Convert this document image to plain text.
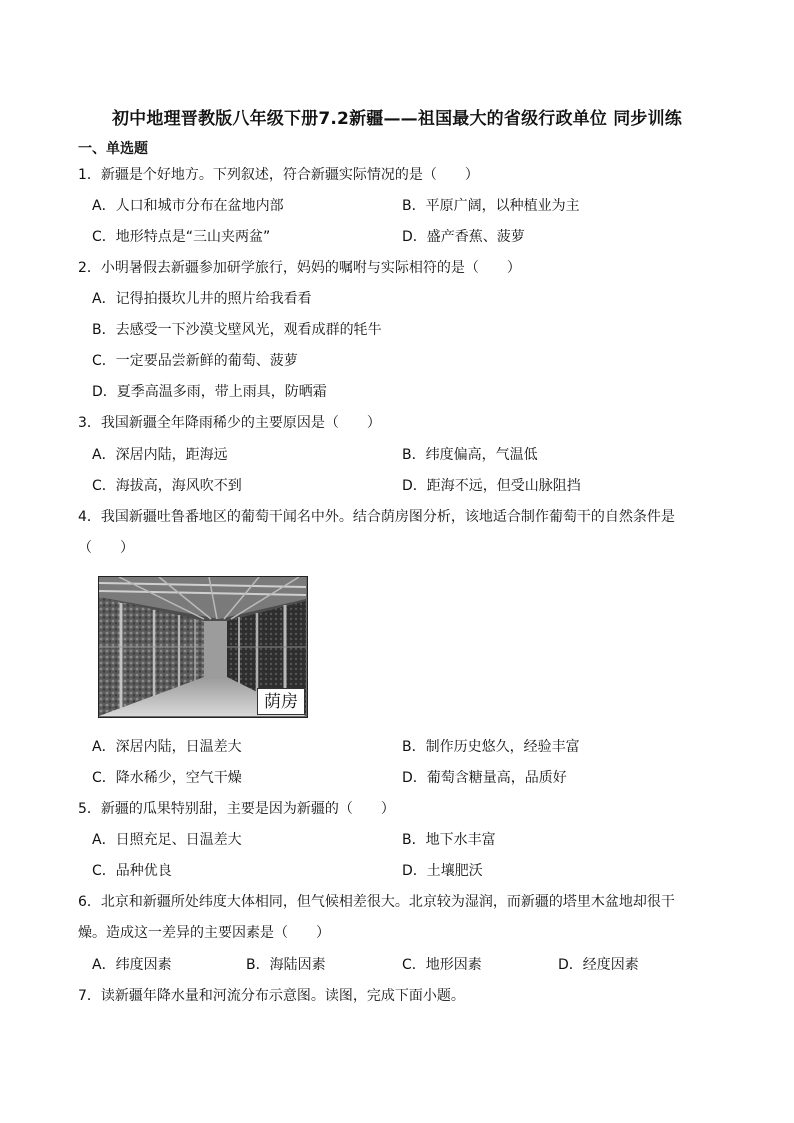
初中地理晋教版八年级下册7.2新疆——祖国最大的省级行政单位 同步训练
一、单选题
1．新疆是个好地方。下列叙述，符合新疆实际情况的是（　　）
A．人口和城市分布在盆地内部	B．平原广阔，以种植业为主
C．地形特点是“三山夹两盆”	D．盛产香蕉、菠萝
2．小明暑假去新疆参加研学旅行，妈妈的嘱咐与实际相符的是（　　）
A．记得拍摄坎儿井的照片给我看看
B．去感受一下沙漠戈壁风光，观看成群的牦牛
C．一定要品尝新鲜的葡萄、菠萝
D．夏季高温多雨，带上雨具，防晒霜
3．我国新疆全年降雨稀少的主要原因是（　　）
A．深居内陆，距海远	B．纬度偏高，气温低
C．海拔高，海风吹不到	D．距海不远，但受山脉阻挡
4．我国新疆吐鲁番地区的葡萄干闻名中外。结合荫房图分析，该地适合制作葡萄干的自然条件是
（　　）
荫房
A．深居内陆，日温差大	B．制作历史悠久，经验丰富
C．降水稀少，空气干燥	D．葡萄含糖量高，品质好
5．新疆的瓜果特别甜，主要是因为新疆的（　　）
A．日照充足、日温差大	B．地下水丰富
C．品种优良	D．土壤肥沃
6．北京和新疆所处纬度大体相同，但气候相差很大。北京较为湿润，而新疆的塔里木盆地却很干
燥。造成这一差异的主要因素是（　　）
A．纬度因素	B．海陆因素	C．地形因素	D．经度因素
7．读新疆年降水量和河流分布示意图。读图，完成下面小题。
